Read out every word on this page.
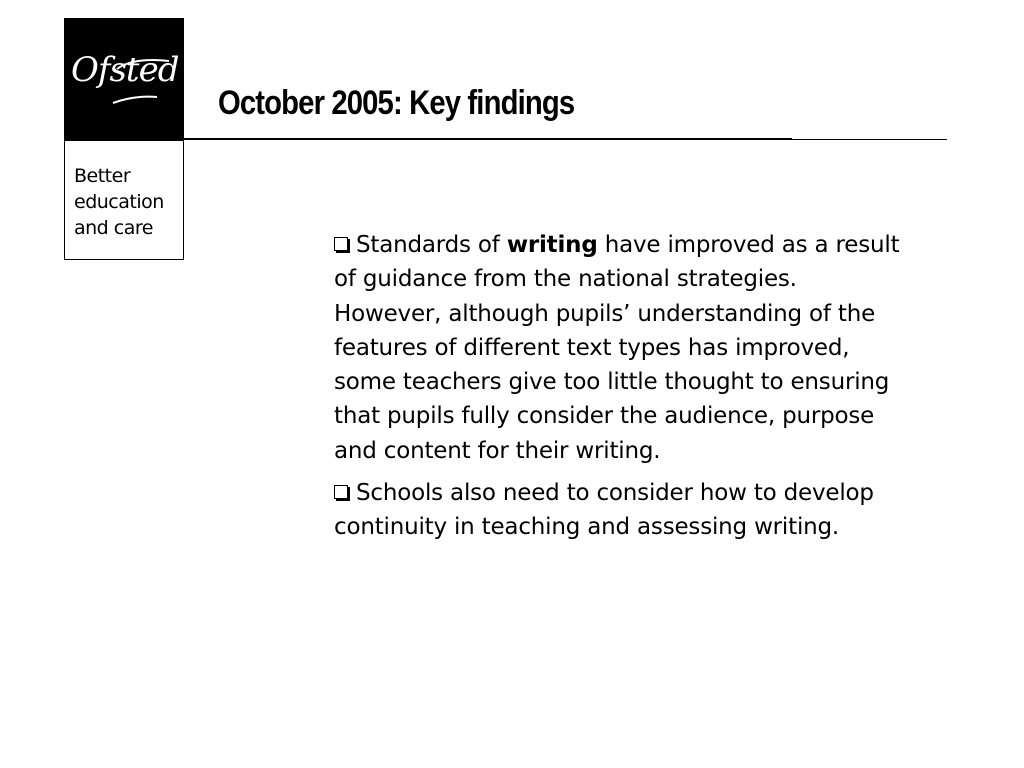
Ofsted
Better
education
and care
October 2005: Key findings

Standards of writing have improved as a result of guidance from the national strategies. However, although pupils’ understanding of the features of different text types has improved, some teachers give too little thought to ensuring that pupils fully consider the audience, purpose and content for their writing.

Schools also need to consider how to develop continuity in teaching and assessing writing.
